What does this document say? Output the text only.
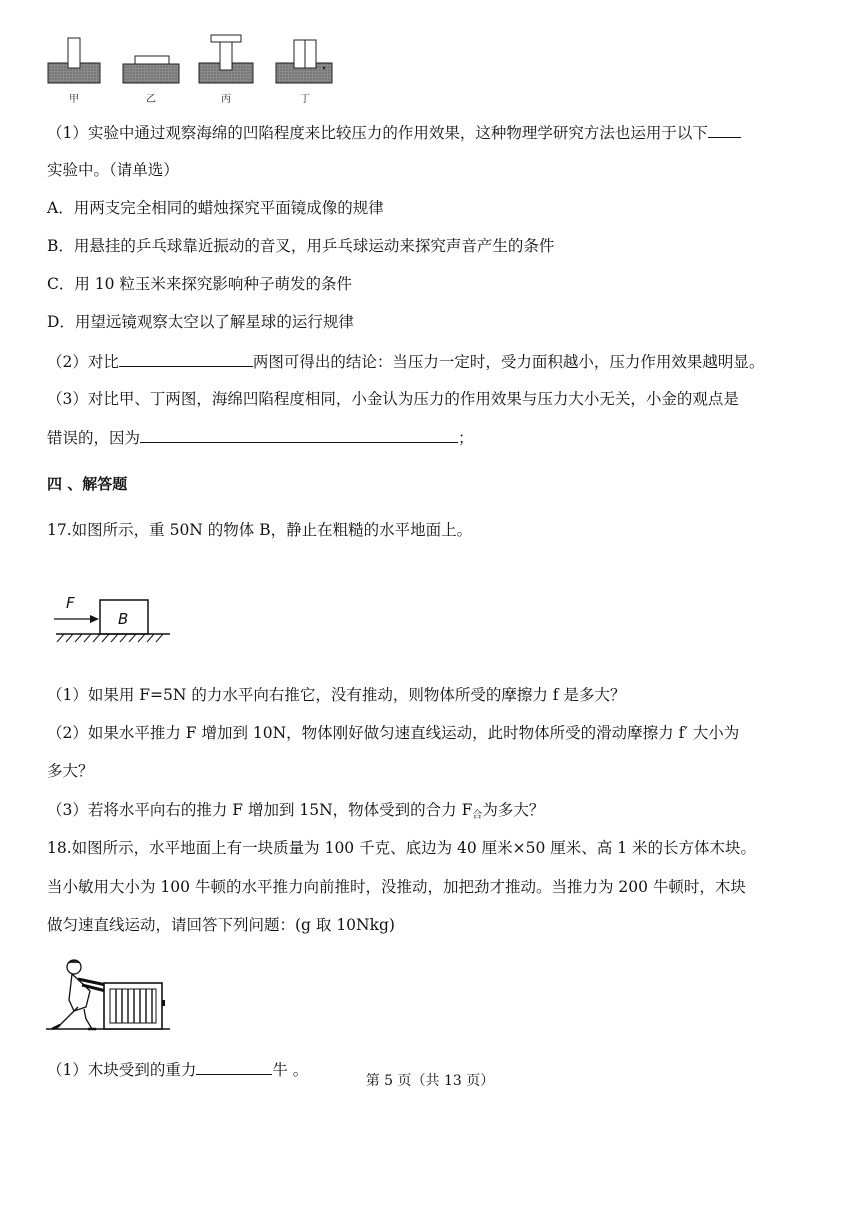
甲	乙	丙	丁
（1）实验中通过观察海绵的凹陷程度来比较压力的作用效果，这种物理学研究方法也运用于以下
实验中。（请单选）
A．用两支完全相同的蜡烛探究平面镜成像的规律
B．用悬挂的乒乓球靠近振动的音叉，用乒乓球运动来探究声音产生的条件
C．用 10 粒玉米来探究影响种子萌发的条件
D．用望远镜观察太空以了解星球的运行规律
（2）对比	两图可得出的结论：当压力一定时，受力面积越小，压力作用效果越明显。
（3）对比甲、丁两图，海绵凹陷程度相同，小金认为压力的作用效果与压力大小无关，小金的观点是
错误的，因为	；
四 、解答题
17.如图所示，重 50N 的物体 B，静止在粗糙的水平地面上。
F
B
（1）如果用 F=5N 的力水平向右推它，没有推动，则物体所受的摩擦力 f 是多大？
（2）如果水平推力 F 增加到 10N，物体刚好做匀速直线运动，此时物体所受的滑动摩擦力 f′ 大小为
多大？
（3）若将水平向右的推力 F 增加到 15N，物体受到的合力 $F_合$为多大？
18.如图所示，水平地面上有一块质量为 100 千克、底边为 40 厘米×50 厘米、高 1 米的长方体木块。
当小敏用大小为 100 牛顿的水平推力向前推时，没推动，加把劲才推动。当推力为 200 牛顿时，木块
做匀速直线运动，请回答下列问题：(g 取 10Nkg)
（1）木块受到的重力	牛 。
第 5 页（共 13 页）
